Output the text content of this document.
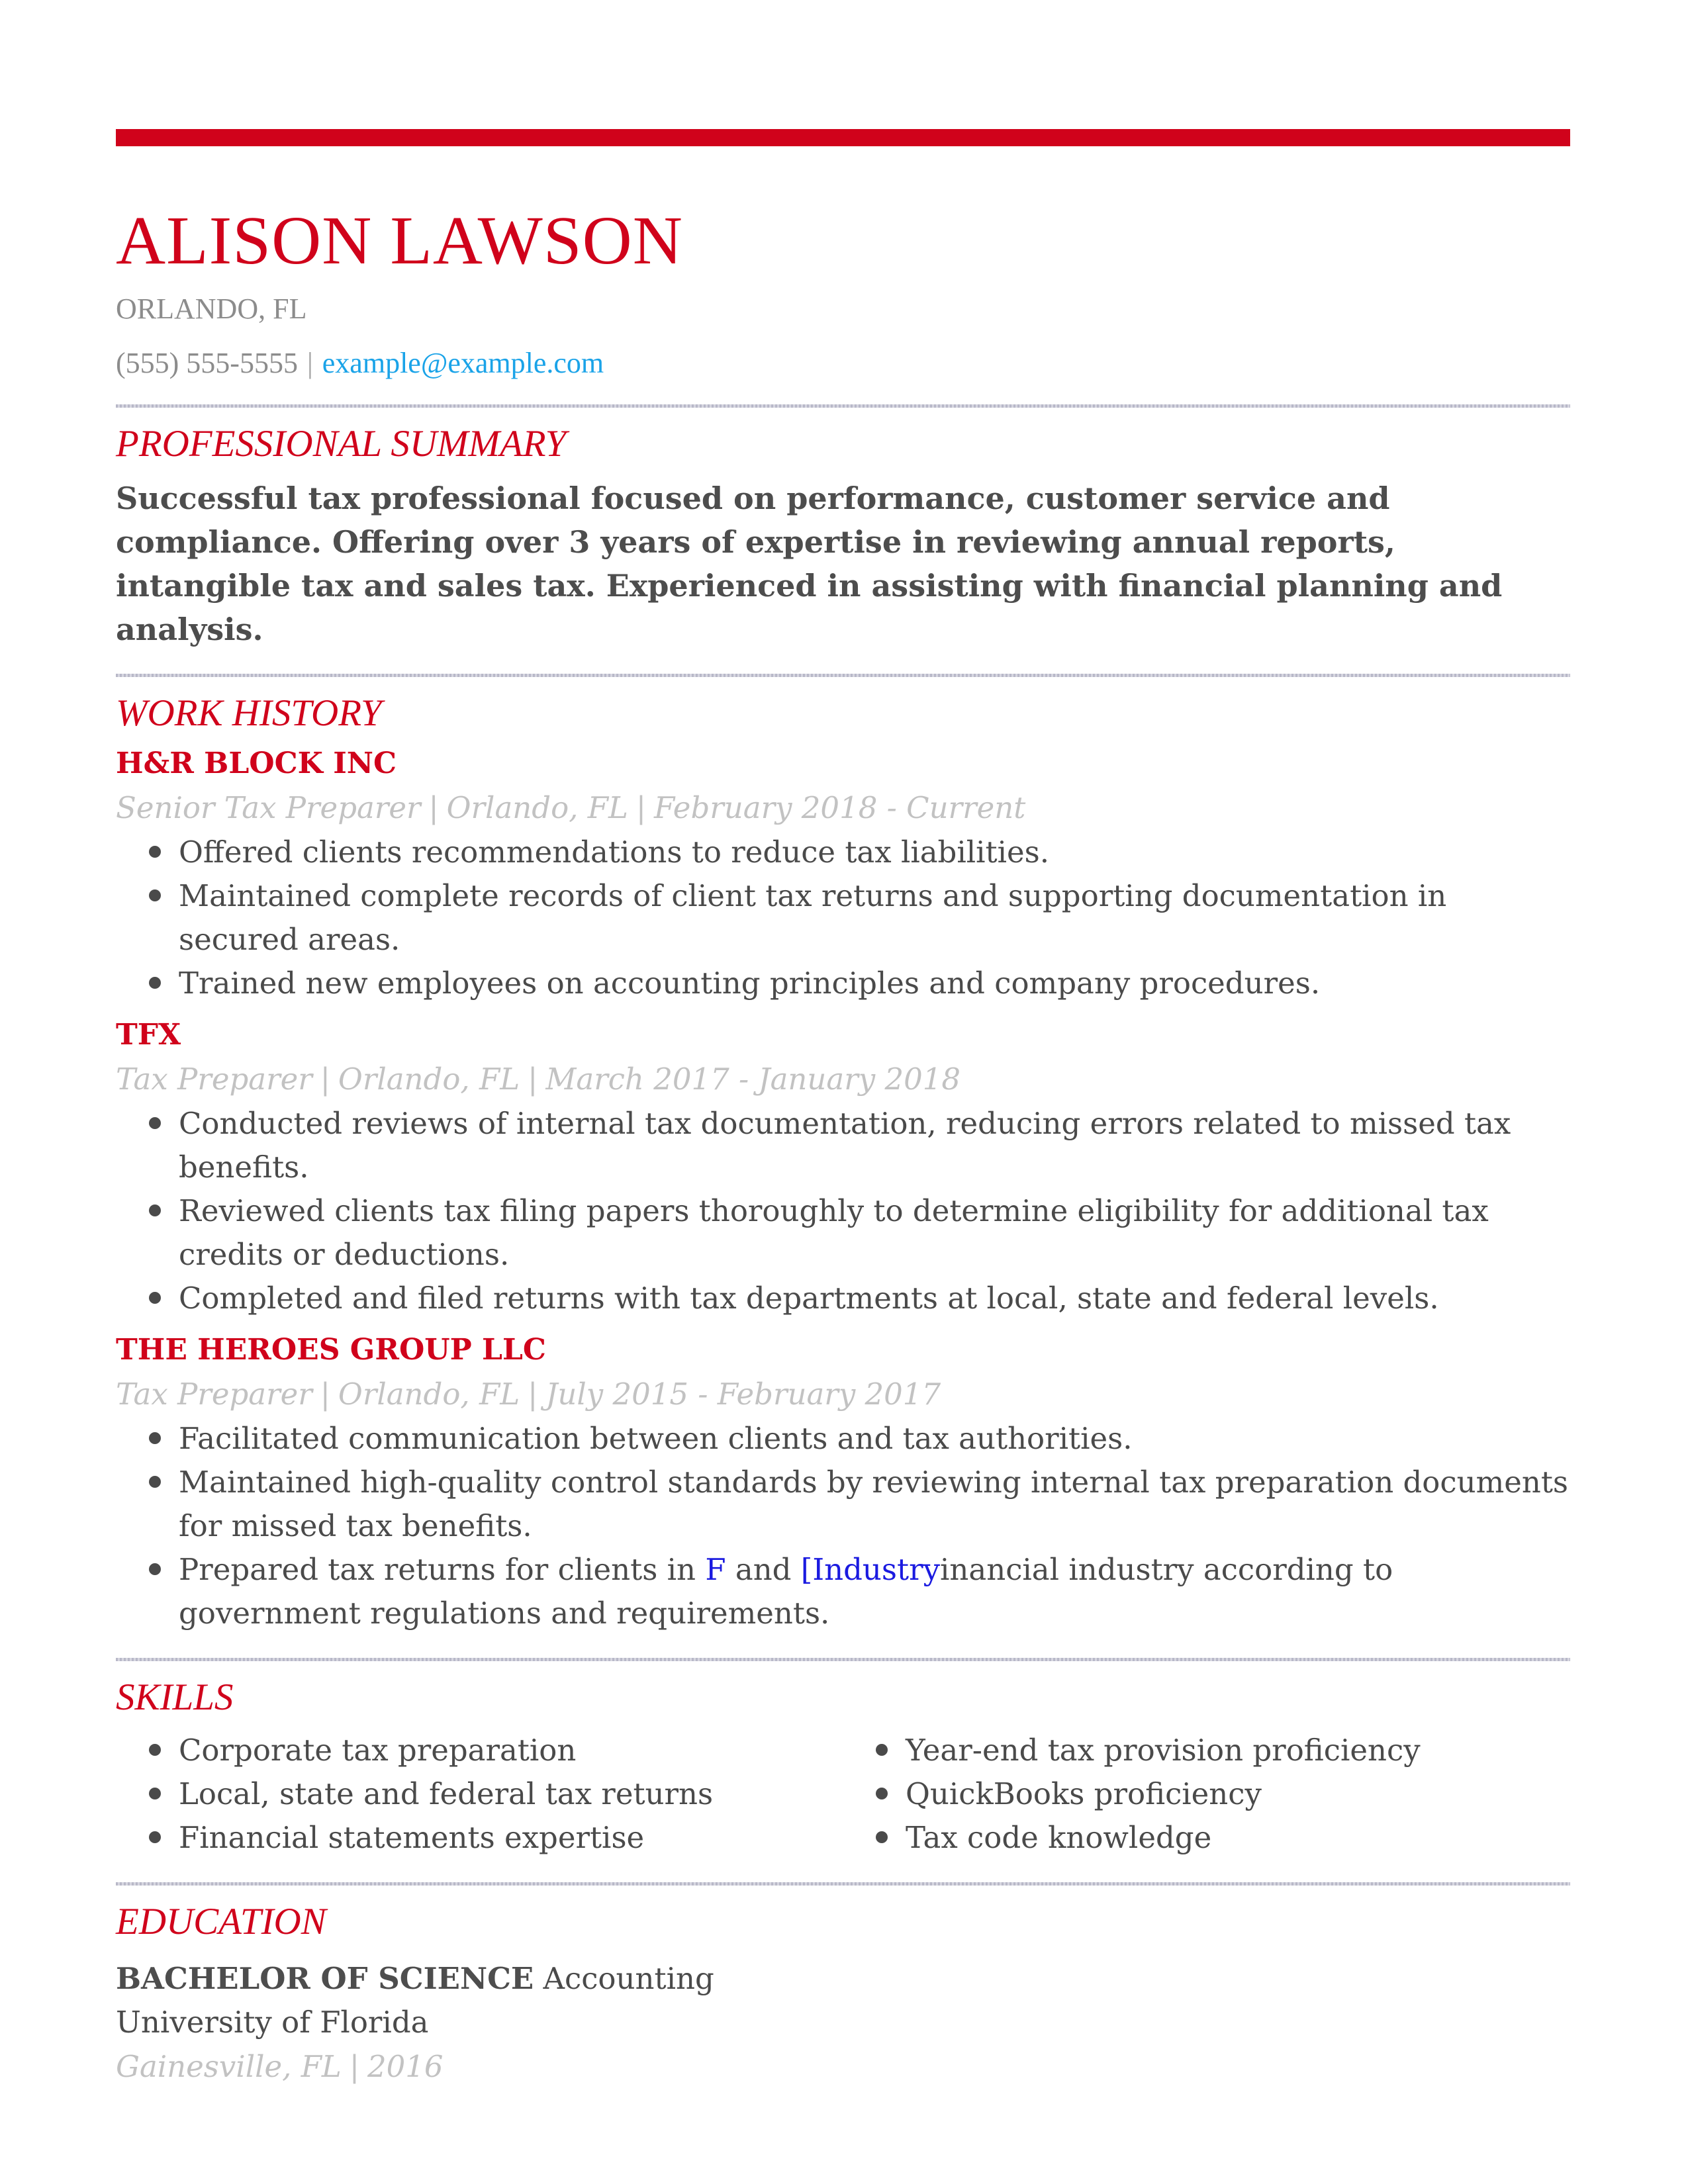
ALISON LAWSON
ORLANDO, FL
(555) 555-5555 | example@example.com
PROFESSIONAL SUMMARY
Successful tax professional focused on performance, customer service and compliance. Offering over 3 years of expertise in reviewing annual reports, intangible tax and sales tax. Experienced in assisting with financial planning and analysis.
WORK HISTORY
H&R BLOCK INC
Senior Tax Preparer | Orlando, FL | February 2018 - Current
Offered clients recommendations to reduce tax liabilities.
Maintained complete records of client tax returns and supporting documentation in secured areas.
Trained new employees on accounting principles and company procedures.
TFX
Tax Preparer | Orlando, FL | March 2017 - January 2018
Conducted reviews of internal tax documentation, reducing errors related to missed tax benefits.
Reviewed clients tax filing papers thoroughly to determine eligibility for additional tax credits or deductions.
Completed and filed returns with tax departments at local, state and federal levels.
THE HEROES GROUP LLC
Tax Preparer | Orlando, FL | July 2015 - February 2017
Facilitated communication between clients and tax authorities.
Maintained high-quality control standards by reviewing internal tax preparation documents for missed tax benefits.
Prepared tax returns for clients in F and [Industryinancial industry according to government regulations and requirements.
SKILLS
Corporate tax preparation
Local, state and federal tax returns
Financial statements expertise
Year-end tax provision proficiency
QuickBooks proficiency
Tax code knowledge
EDUCATION
BACHELOR OF SCIENCE Accounting
University of Florida
Gainesville, FL | 2016
